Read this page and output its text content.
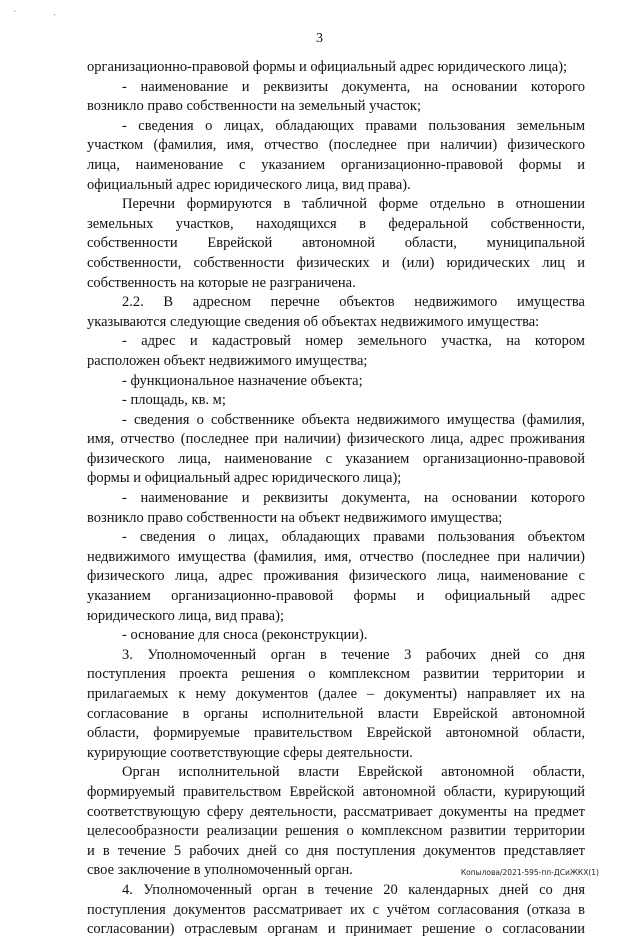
‘ ,
3

организационно-правовой формы и официальный адрес юридического лица);

- наименование и реквизиты документа, на основании которого

возникло право собственности на земельный участок;

- сведения о лицах, обладающих правами пользования земельным

участком (фамилия, имя, отчество (последнее при наличии) физического

лица, наименование с указанием организационно-правовой формы и

официальный адрес юридического лица, вид права).

Перечни формируются в табличной форме отдельно в отношении

земельных участков, находящихся в федеральной собственности,

собственности Еврейской автономной области, муниципальной

собственности, собственности физических и (или) юридических лиц и

собственность на которые не разграничена.

2.2. В адресном перечне объектов недвижимого имущества

указываются следующие сведения об объектах недвижимого имущества:

- адрес и кадастровый номер земельного участка, на котором

расположен объект недвижимого имущества;

- функциональное назначение объекта;

- площадь, кв. м;

- сведения о собственнике объекта недвижимого имущества (фамилия,

имя, отчество (последнее при наличии) физического лица, адрес проживания

физического лица, наименование с указанием организационно-правовой

формы и официальный адрес юридического лица);

- наименование и реквизиты документа, на основании которого

возникло право собственности на объект недвижимого имущества;

- сведения о лицах, обладающих правами пользования объектом

недвижимого имущества (фамилия, имя, отчество (последнее при наличии)

физического лица, адрес проживания физического лица, наименование с

указанием организационно-правовой формы и официальный адрес

юридического лица, вид права);

- основание для сноса (реконструкции).

3. Уполномоченный орган в течение 3 рабочих дней со дня

поступления проекта решения о комплексном развитии территории и

прилагаемых к нему документов (далее – документы) направляет их на

согласование в органы исполнительной власти Еврейской автономной

области, формируемые правительством Еврейской автономной области,

курирующие соответствующие сферы деятельности.

Орган исполнительной власти Еврейской автономной области,

формируемый правительством Еврейской автономной области, курирующий

соответствующую сферу деятельности, рассматривает документы на предмет

целесообразности реализации решения о комплексном развитии территории

и в течение 5 рабочих дней со дня поступления документов представляет

свое заключение в уполномоченный орган.

4. Уполномоченный орган в течение 20 календарных дней со дня

поступления документов рассматривает их с учётом согласования (отказа в

согласовании) отраслевым органам и принимает решение о согласовании

Копылова/2021-595-пп-ДСиЖКХ(1)
